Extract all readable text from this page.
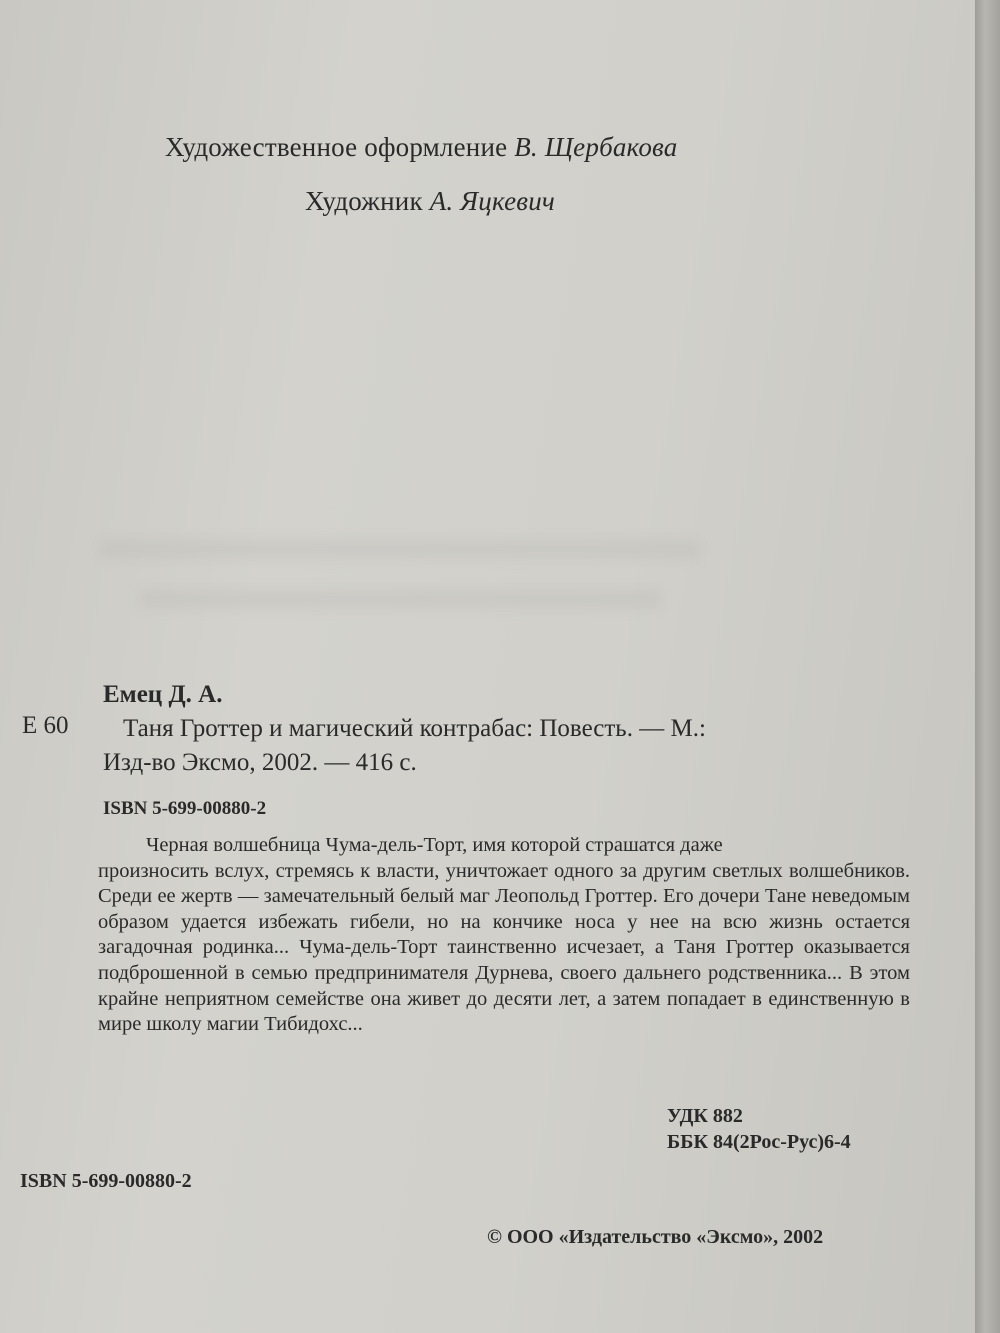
Художественное оформление В. Щербакова
Художник А. Яцкевич
Емец Д. А.
Е 60 Таня Гроттер и магический контрабас: Повесть. — М.:
Изд-во Эксмо, 2002. — 416 с.
ISBN 5-699-00880-2
Черная волшебница Чума-дель-Торт, имя которой страшатся даже
произносить вслух, стремясь к власти, уничтожает одного за другим светлых волшебников. Среди ее жертв — замечательный белый маг Леопольд Гроттер. Его дочери Тане неведомым образом удается избежать гибели, но на кончике носа у нее на всю жизнь остается загадочная родинка... Чума-дель-Торт таинственно исчезает, а Таня Гроттер оказывается подброшенной в семью предпринимателя Дурнева, своего дальнего родственника... В этом крайне неприятном семействе она живет до десяти лет, а затем попадает в единственную в мире школу магии Тибидохс...
УДК 882
ББК 84(2Рос-Рус)6-4
ISBN 5-699-00880-2
© ООО «Издательство «Эксмо», 2002
